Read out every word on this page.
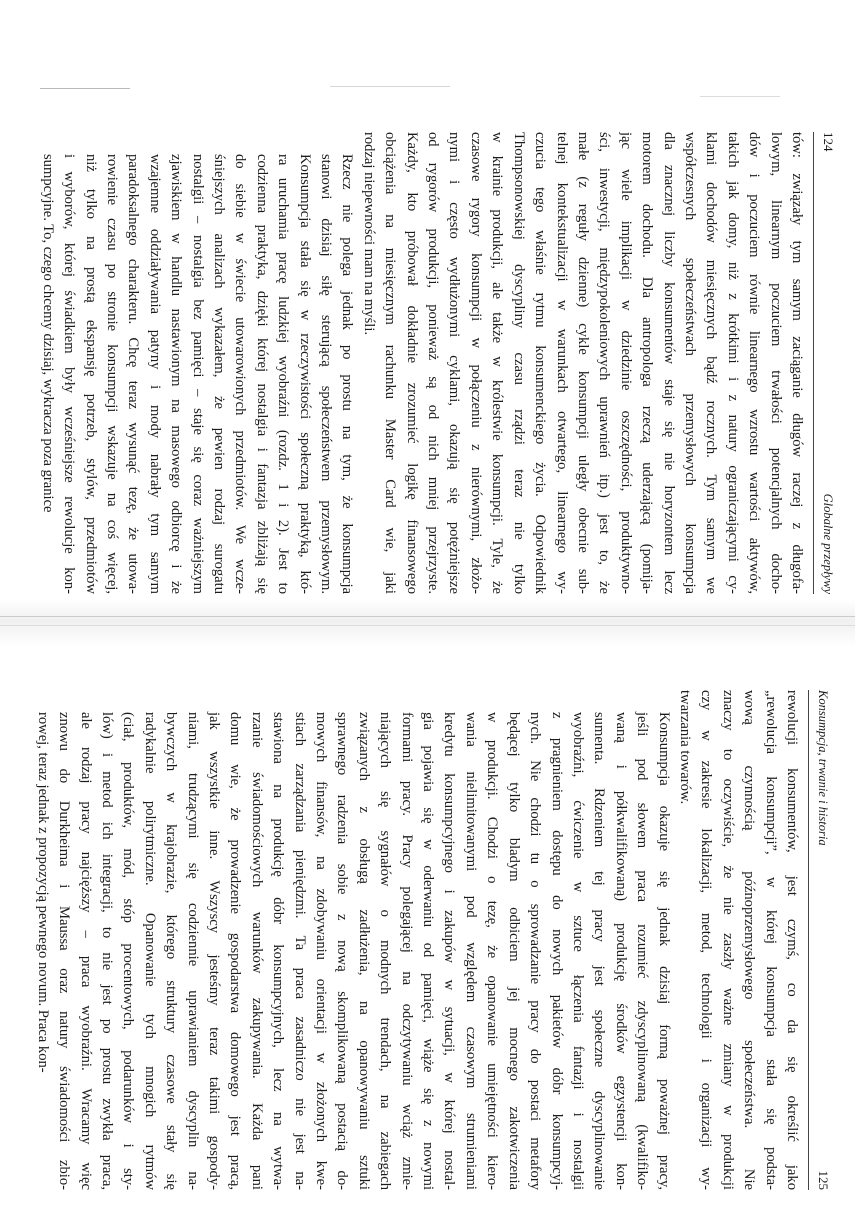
124
Globalne przepływy

tów: związały tym samym zaciąganie długów raczej z długofa-
lowym, linearnym poczuciem trwałości potencjalnych docho-
dów i poczuciem równie linearnego wzrostu wartości aktywów,
takich jak domy, niż z krótkimi i z natury ograniczającymi cy-
klami dochodów miesięcznych bądź rocznych. Tym samym we
współczesnych społeczeństwach przemysłowych konsumpcja
dla znacznej liczby konsumentów staje się nie horyzontem lecz
motorem dochodu. Dla antropologa rzeczą uderzającą (pomija-
jąc wiele implikacji w dziedzinie oszczędności, produktywno-
ści, inwestycji, międzypokoleniowych uprawnień itp.) jest to, że
małe (z reguły dzienne) cykle konsumpcji uległy obecnie sub-
telnej kontekstualizacji w warunkach otwartego, linearnego wy-
czucia tego właśnie rytmu konsumenckiego życia. Odpowiednik
Thompsonowskiej dyscypliny czasu rządzi teraz nie tylko
w krainie produkcji, ale także w królestwie konsumpcji. Tyle, że
czasowe rygory konsumpcji w połączeniu z nierównymi, złożo-
nymi i często wydłużonymi cyklami, okazują się potężniejsze
od rygorów produkcji, ponieważ są od nich mniej przejrzyste.
Każdy, kto próbował dokładnie zrozumieć logikę finansowego
obciążenia na miesięcznym rachunku Master Card wie, jaki
rodzaj niepewności mam na myśli.

Rzecz nie polega jednak po prostu na tym, że konsumpcja
stanowi dzisiaj siłę sterującą społeczeństwem przemysłowym.
Konsumpcja stała się w rzeczywistości społeczną praktyką, któ-
ra uruchamia pracę ludzkiej wyobraźni (rozdz. 1 i 2). Jest to
codzienna praktyka, dzięki której nostalgia i fantazja zbliżają się
do siebie w świecie utowarowionych przedmiotów. We wcze-
śniejszych analizach wykazałem, że pewien rodzaj surogatu
nostalgii – nostalgia bez pamięci – staje się coraz ważniejszym
zjawiskiem w handlu nastawionym na masowego odbiorcę i że
wzajemne oddziaływania patyny i mody nabrały tym samym
paradoksalnego charakteru. Chcę teraz wysunąć tezę, że utowa-
rowienie czasu po stronie konsumpcji wskazuje na coś więcej,
niż tylko na prostą ekspansję potrzeb, stylów, przedmiotów
i wyborów, której świadkiem były wcześniejsze rewolucje kon-
sumpcyjne. To, czego chcemy dzisiaj, wykracza poza granice

Konsumpcja, trwanie i historia
125

rewolucji konsumentów, jest czymś, co da się określić jako
„rewolucja konsumpcji”, w której konsumpcja stała się podsta-
wową czynnością późnoprzemysłowego społeczeństwa. Nie
znaczy to oczywiście, że nie zaszły ważne zmiany w produkcji
czy w zakresie lokalizacji, metod, technologii i organizacji wy-
twarzania towarów.

Konsumpcja okazuje się jednak dzisiaj formą poważnej pracy,
jeśli pod słowem praca rozumieć zdyscyplinowaną (kwalifiko-
waną i półkwalifikowaną) produkcję środków egzystencji kon-
sumenta. Rdzeniem tej pracy jest społeczne dyscyplinowanie
wyobraźni, ćwiczenie w sztuce łączenia fantazji i nostalgii
z pragnieniem dostępu do nowych pakietów dóbr konsumpcyj-
nych. Nie chodzi tu o sprowadzanie pracy do postaci metafory
będącej tylko bladym odbiciem jej mocnego zakotwiczenia
w produkcji. Chodzi o tezę, że opanowanie umiejętności kiero-
wania nielimitowanymi pod względem czasowym strumieniami
kredytu konsumpcyjnego i zakupów w sytuacji, w której nostal-
gia pojawia się w oderwaniu od pamięci, wiąże się z nowymi
formami pracy. Pracy polegającej na odczytywaniu wciąż zmie-
niających się sygnałów o modnych trendach, na zabiegach
związanych z obsługą zadłużenia, na opanowywaniu sztuki
sprawnego radzenia sobie z nową skomplikowaną postacią do-
mowych finansów, na zdobywaniu orientacji w złożonych kwe-
stiach zarządzania pieniędzmi. Ta praca zasadniczo nie jest na-
stawiona na produkcję dóbr konsumpcyjnych, lecz na wytwa-
rzanie świadomościowych warunków zakupywania. Każda pani
domu wie, że prowadzenie gospodarstwa domowego jest pracą,
jak wszystkie inne. Wszyscy jesteśmy teraz takimi gospody-
niami, trudzącymi się codziennie uprawianiem dyscyplin na-
bywczych w krajobrazie, którego struktury czasowe stały się
radykalnie polirytmiczne. Opanowanie tych mnogich rytmów
(ciał, produktów, mód, stóp procentowych, podarunków i sty-
lów) i metod ich integracji, to nie jest po prostu zwykła praca,
ale rodzaj pracy najcięższy – praca wyobraźni. Wracamy więc
znowu do Durkheima i Maussa oraz natury świadomości zbio-
rowej, teraz jednak z propozycją pewnego novum. Praca kon-
